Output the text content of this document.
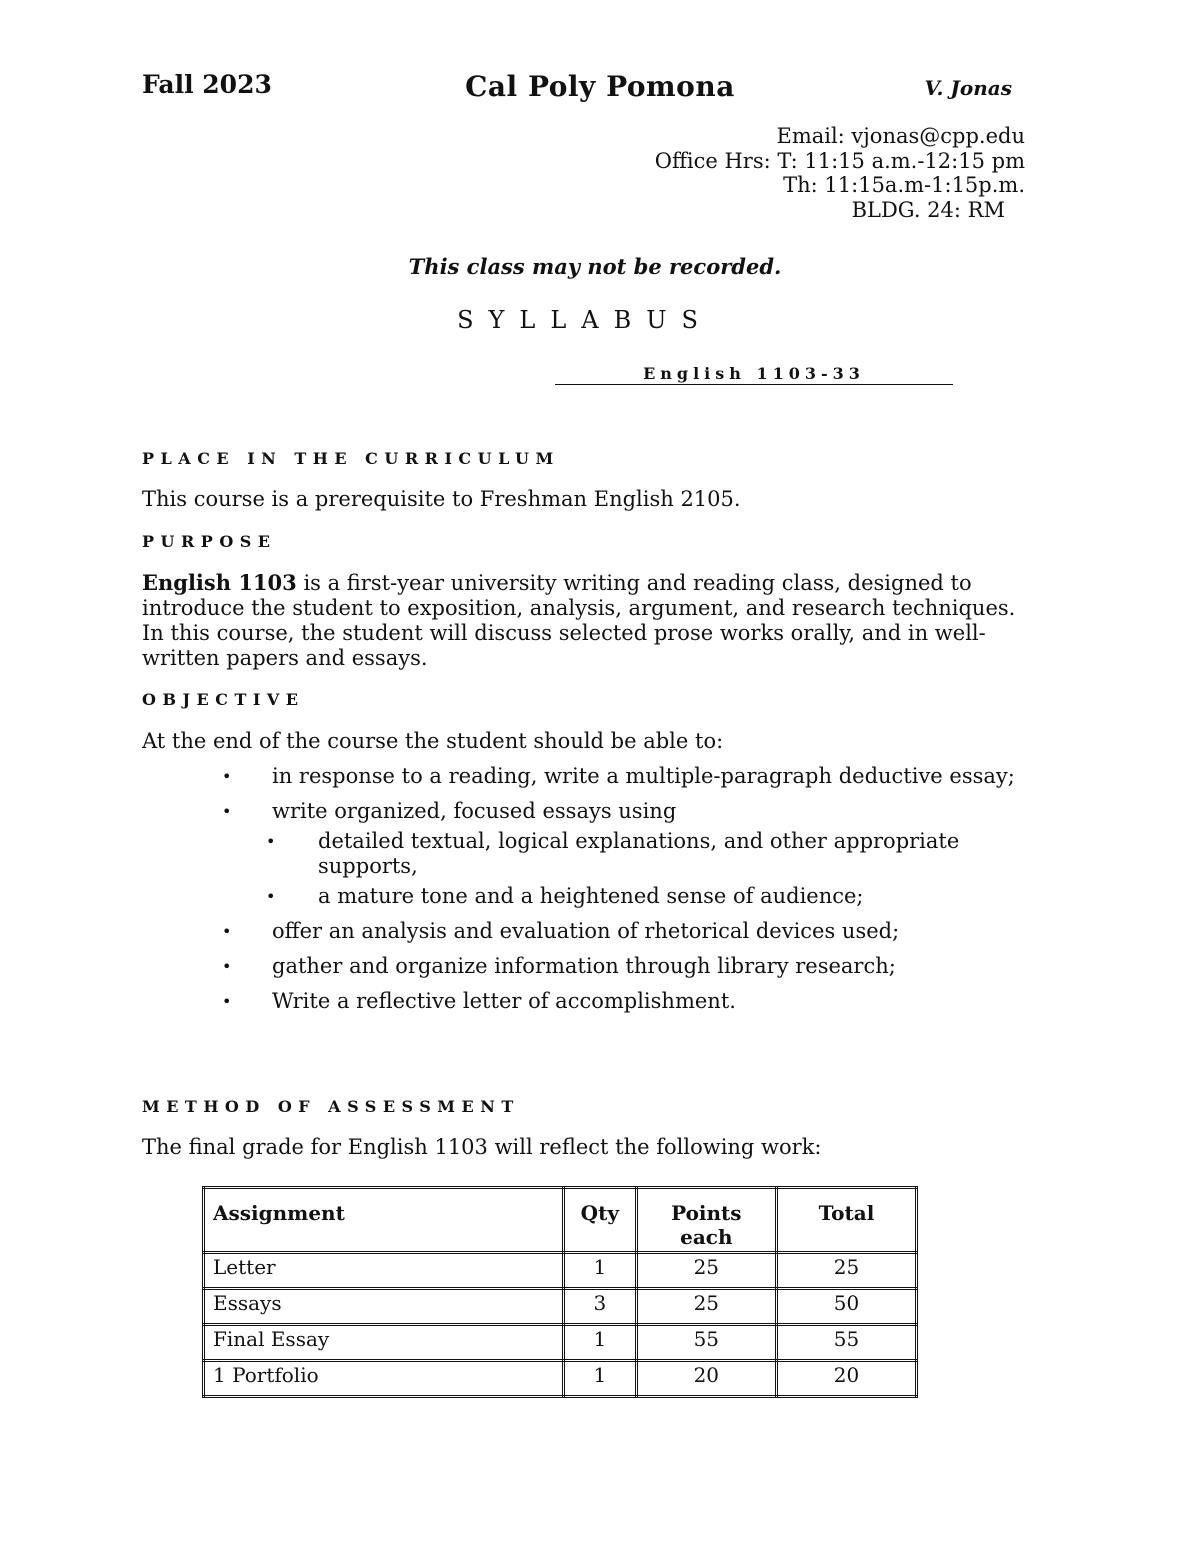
Fall 2023	Cal Poly Pomona	V. Jonas
Email: vjonas@cpp.edu
Office Hrs: T: 11:15 a.m.-12:15 pm
Th: 11:15a.m-1:15p.m.
BLDG. 24: RM
This class may not be recorded.
SYLLABUS
English 1103-33
PLACE IN THE CURRICULUM
This course is a prerequisite to Freshman English 2105.
PURPOSE
English 1103 is a first-year university writing and reading class, designed to introduce the student to exposition, analysis, argument, and research techniques. In this course, the student will discuss selected prose works orally, and in well-written papers and essays.
OBJECTIVE
At the end of the course the student should be able to:
• in response to a reading, write a multiple-paragraph deductive essay;
• write organized, focused essays using
• detailed textual, logical explanations, and other appropriate supports,
• a mature tone and a heightened sense of audience;
• offer an analysis and evaluation of rhetorical devices used;
• gather and organize information through library research;
• Write a reflective letter of accomplishment.
METHOD OF ASSESSMENT
The final grade for English 1103 will reflect the following work:
Assignment	Qty	Points each	Total
Letter	1	25	25
Essays	3	25	50
Final Essay	1	55	55
1 Portfolio	1	20	20
